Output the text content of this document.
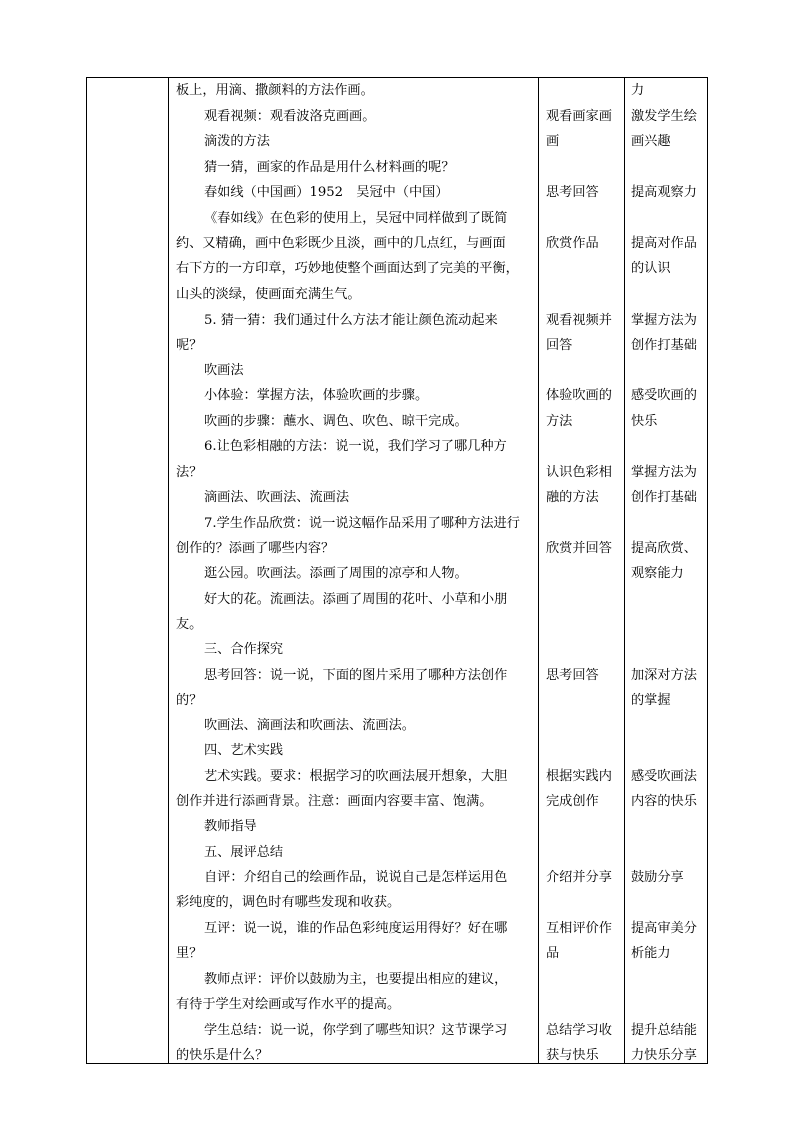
板上，用滴、撒颜料的方法作画。
观看视频：观看波洛克画画。
滴泼的方法
猜一猜，画家的作品是用什么材料画的呢？
春如线（中国画）1952　吴冠中（中国）
《春如线》在色彩的使用上，吴冠中同样做到了既简
约、又精确，画中色彩既少且淡，画中的几点红，与画面
右下方的一方印章，巧妙地使整个画面达到了完美的平衡，
山头的淡绿，使画面充满生气。
5. 猜一猜：我们通过什么方法才能让颜色流动起来
呢？
吹画法
小体验：掌握方法，体验吹画的步骤。
吹画的步骤：蘸水、调色、吹色、晾干完成。
6.让色彩相融的方法：说一说，我们学习了哪几种方
法？
滴画法、吹画法、流画法
7.学生作品欣赏：说一说这幅作品采用了哪种方法进行
创作的？添画了哪些内容？
逛公园。吹画法。添画了周围的凉亭和人物。
好大的花。流画法。添画了周围的花叶、小草和小朋
友。
三、合作探究
思考回答：说一说，下面的图片采用了哪种方法创作
的？
吹画法、滴画法和吹画法、流画法。
四、艺术实践
艺术实践。要求：根据学习的吹画法展开想象，大胆
创作并进行添画背景。注意：画面内容要丰富、饱满。
教师指导
五、展评总结
自评：介绍自己的绘画作品，说说自己是怎样运用色
彩纯度的，调色时有哪些发现和收获。
互评：说一说，谁的作品色彩纯度运用得好？好在哪
里？
教师点评：评价以鼓励为主，也要提出相应的建议，
有待于学生对绘画或写作水平的提高。
学生总结：说一说，你学到了哪些知识？这节课学习
的快乐是什么？
观看画家画
画
思考回答
欣赏作品
观看视频并
回答
体验吹画的
方法
认识色彩相
融的方法
欣赏并回答
思考回答
根据实践内
完成创作
介绍并分享
互相评价作
品
总结学习收
获与快乐
力
激发学生绘
画兴趣
提高观察力
提高对作品
的认识
掌握方法为
创作打基础
感受吹画的
快乐
掌握方法为
创作打基础
提高欣赏、
观察能力
加深对方法
的掌握
感受吹画法
内容的快乐
鼓励分享
提高审美分
析能力
提升总结能
力快乐分享
